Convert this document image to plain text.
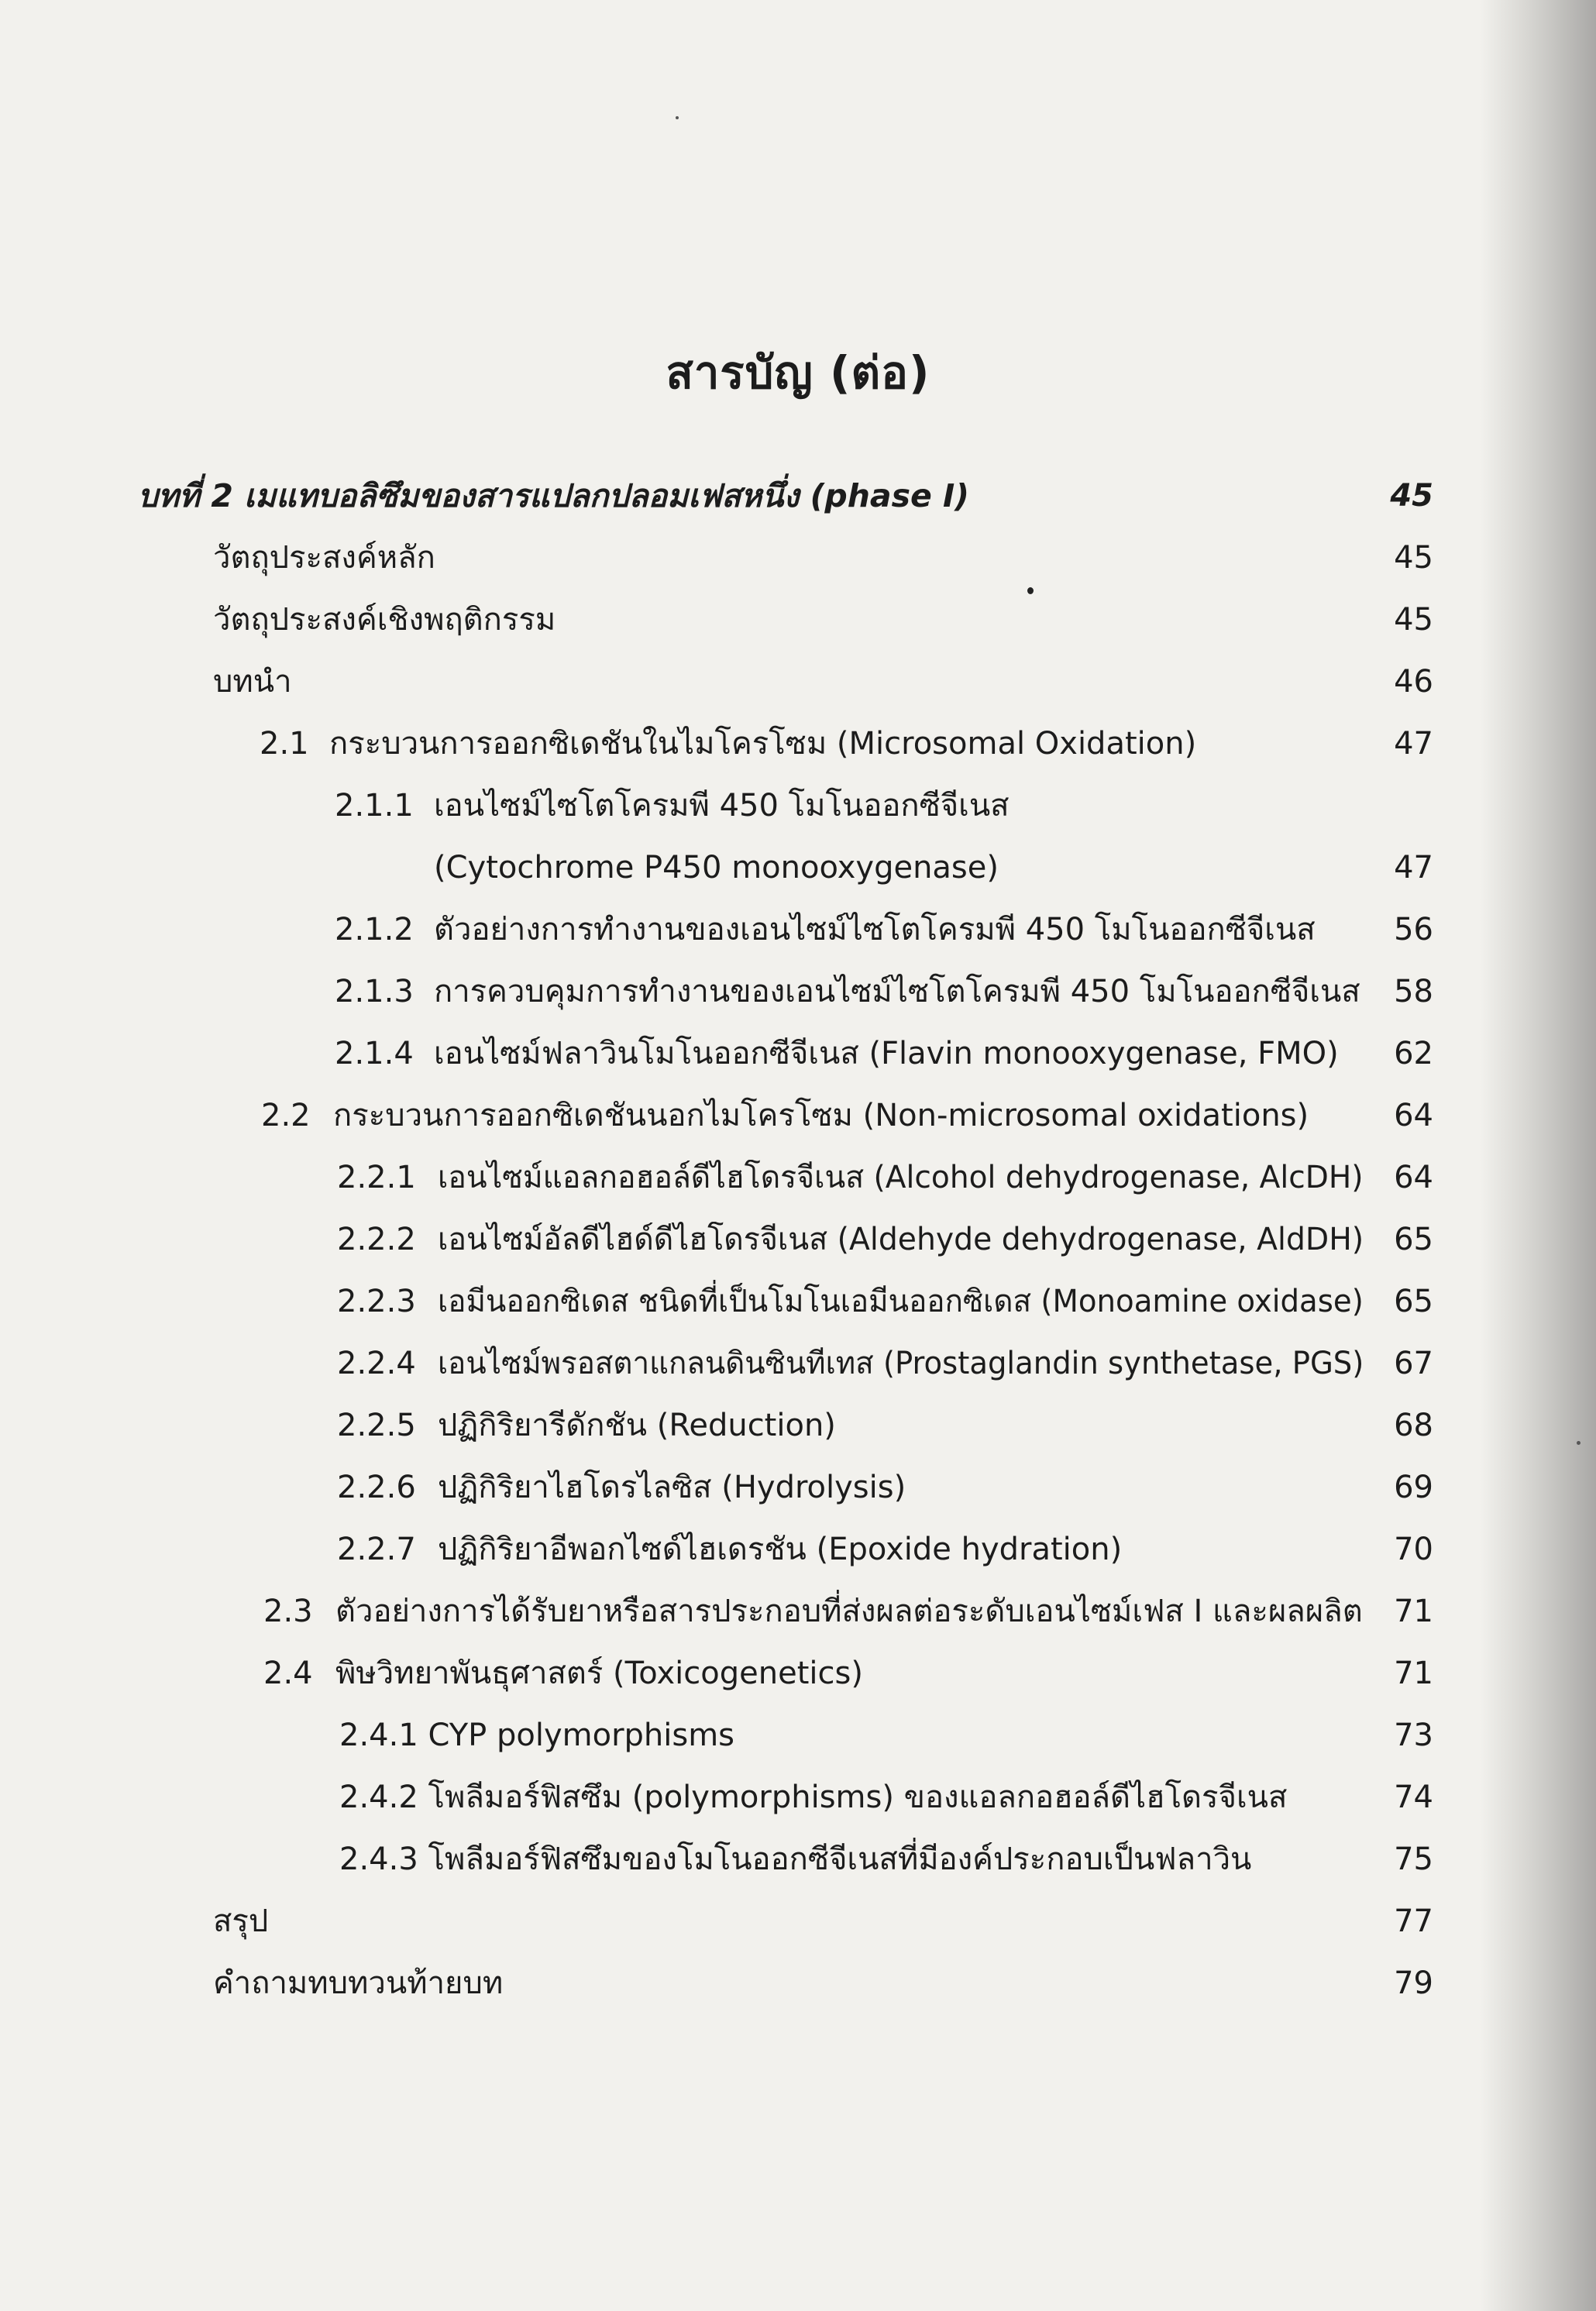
สารบัญ (ต่อ)
บทที่ 2 เมแทบอลิซึมของสารแปลกปลอมเฟสหนึ่ง (phase I)	45
วัตถุประสงค์หลัก	45
วัตถุประสงค์เชิงพฤติกรรม	45
บทนำ	46
2.1 กระบวนการออกซิเดชันในไมโครโซม (Microsomal Oxidation)	47
2.1.1 เอนไซม์ไซโตโครมพี 450 โมโนออกซีจีเนส
(Cytochrome P450 monooxygenase)	47
2.1.2 ตัวอย่างการทำงานของเอนไซม์ไซโตโครมพี 450 โมโนออกซีจีเนส	56
2.1.3 การควบคุมการทำงานของเอนไซม์ไซโตโครมพี 450 โมโนออกซีจีเนส 58
2.1.4 เอนไซม์ฟลาวินโมโนออกซีจีเนส (Flavin monooxygenase, FMO) 62
2.2 กระบวนการออกซิเดชันนอกไมโครโซม (Non-microsomal oxidations)	64
2.2.1 เอนไซม์แอลกอฮอล์ดีไฮโดรจีเนส (Alcohol dehydrogenase, AlcDH) 64
2.2.2 เอนไซม์อัลดีไฮด์ดีไฮโดรจีเนส (Aldehyde dehydrogenase, AldDH) 65
2.2.3 เอมีนออกซิเดส ชนิดที่เป็นโมโนเอมีนออกซิเดส (Monoamine oxidase) 65
2.2.4 เอนไซม์พรอสตาแกลนดินซินทีเทส (Prostaglandin synthetase, PGS) 67
2.2.5 ปฏิกิริยารีดักชัน (Reduction)	68
2.2.6 ปฏิกิริยาไฮโดรไลซิส (Hydrolysis)	69
2.2.7 ปฏิกิริยาอีพอกไซด์ไฮเดรชัน (Epoxide hydration)	70
2.3 ตัวอย่างการได้รับยาหรือสารประกอบที่ส่งผลต่อระดับเอนไซม์เฟส I และผลผลิต 71
2.4 พิษวิทยาพันธุศาสตร์ (Toxicogenetics)	71
2.4.1 CYP polymorphisms	73
2.4.2 โพลีมอร์ฟิสซึม (polymorphisms) ของแอลกอฮอล์ดีไฮโดรจีเนส	74
2.4.3 โพลีมอร์ฟิสซึมของโมโนออกซีจีเนสที่มีองค์ประกอบเป็นฟลาวิน	75
สรุป	77
คำถามทบทวนท้ายบท	79
